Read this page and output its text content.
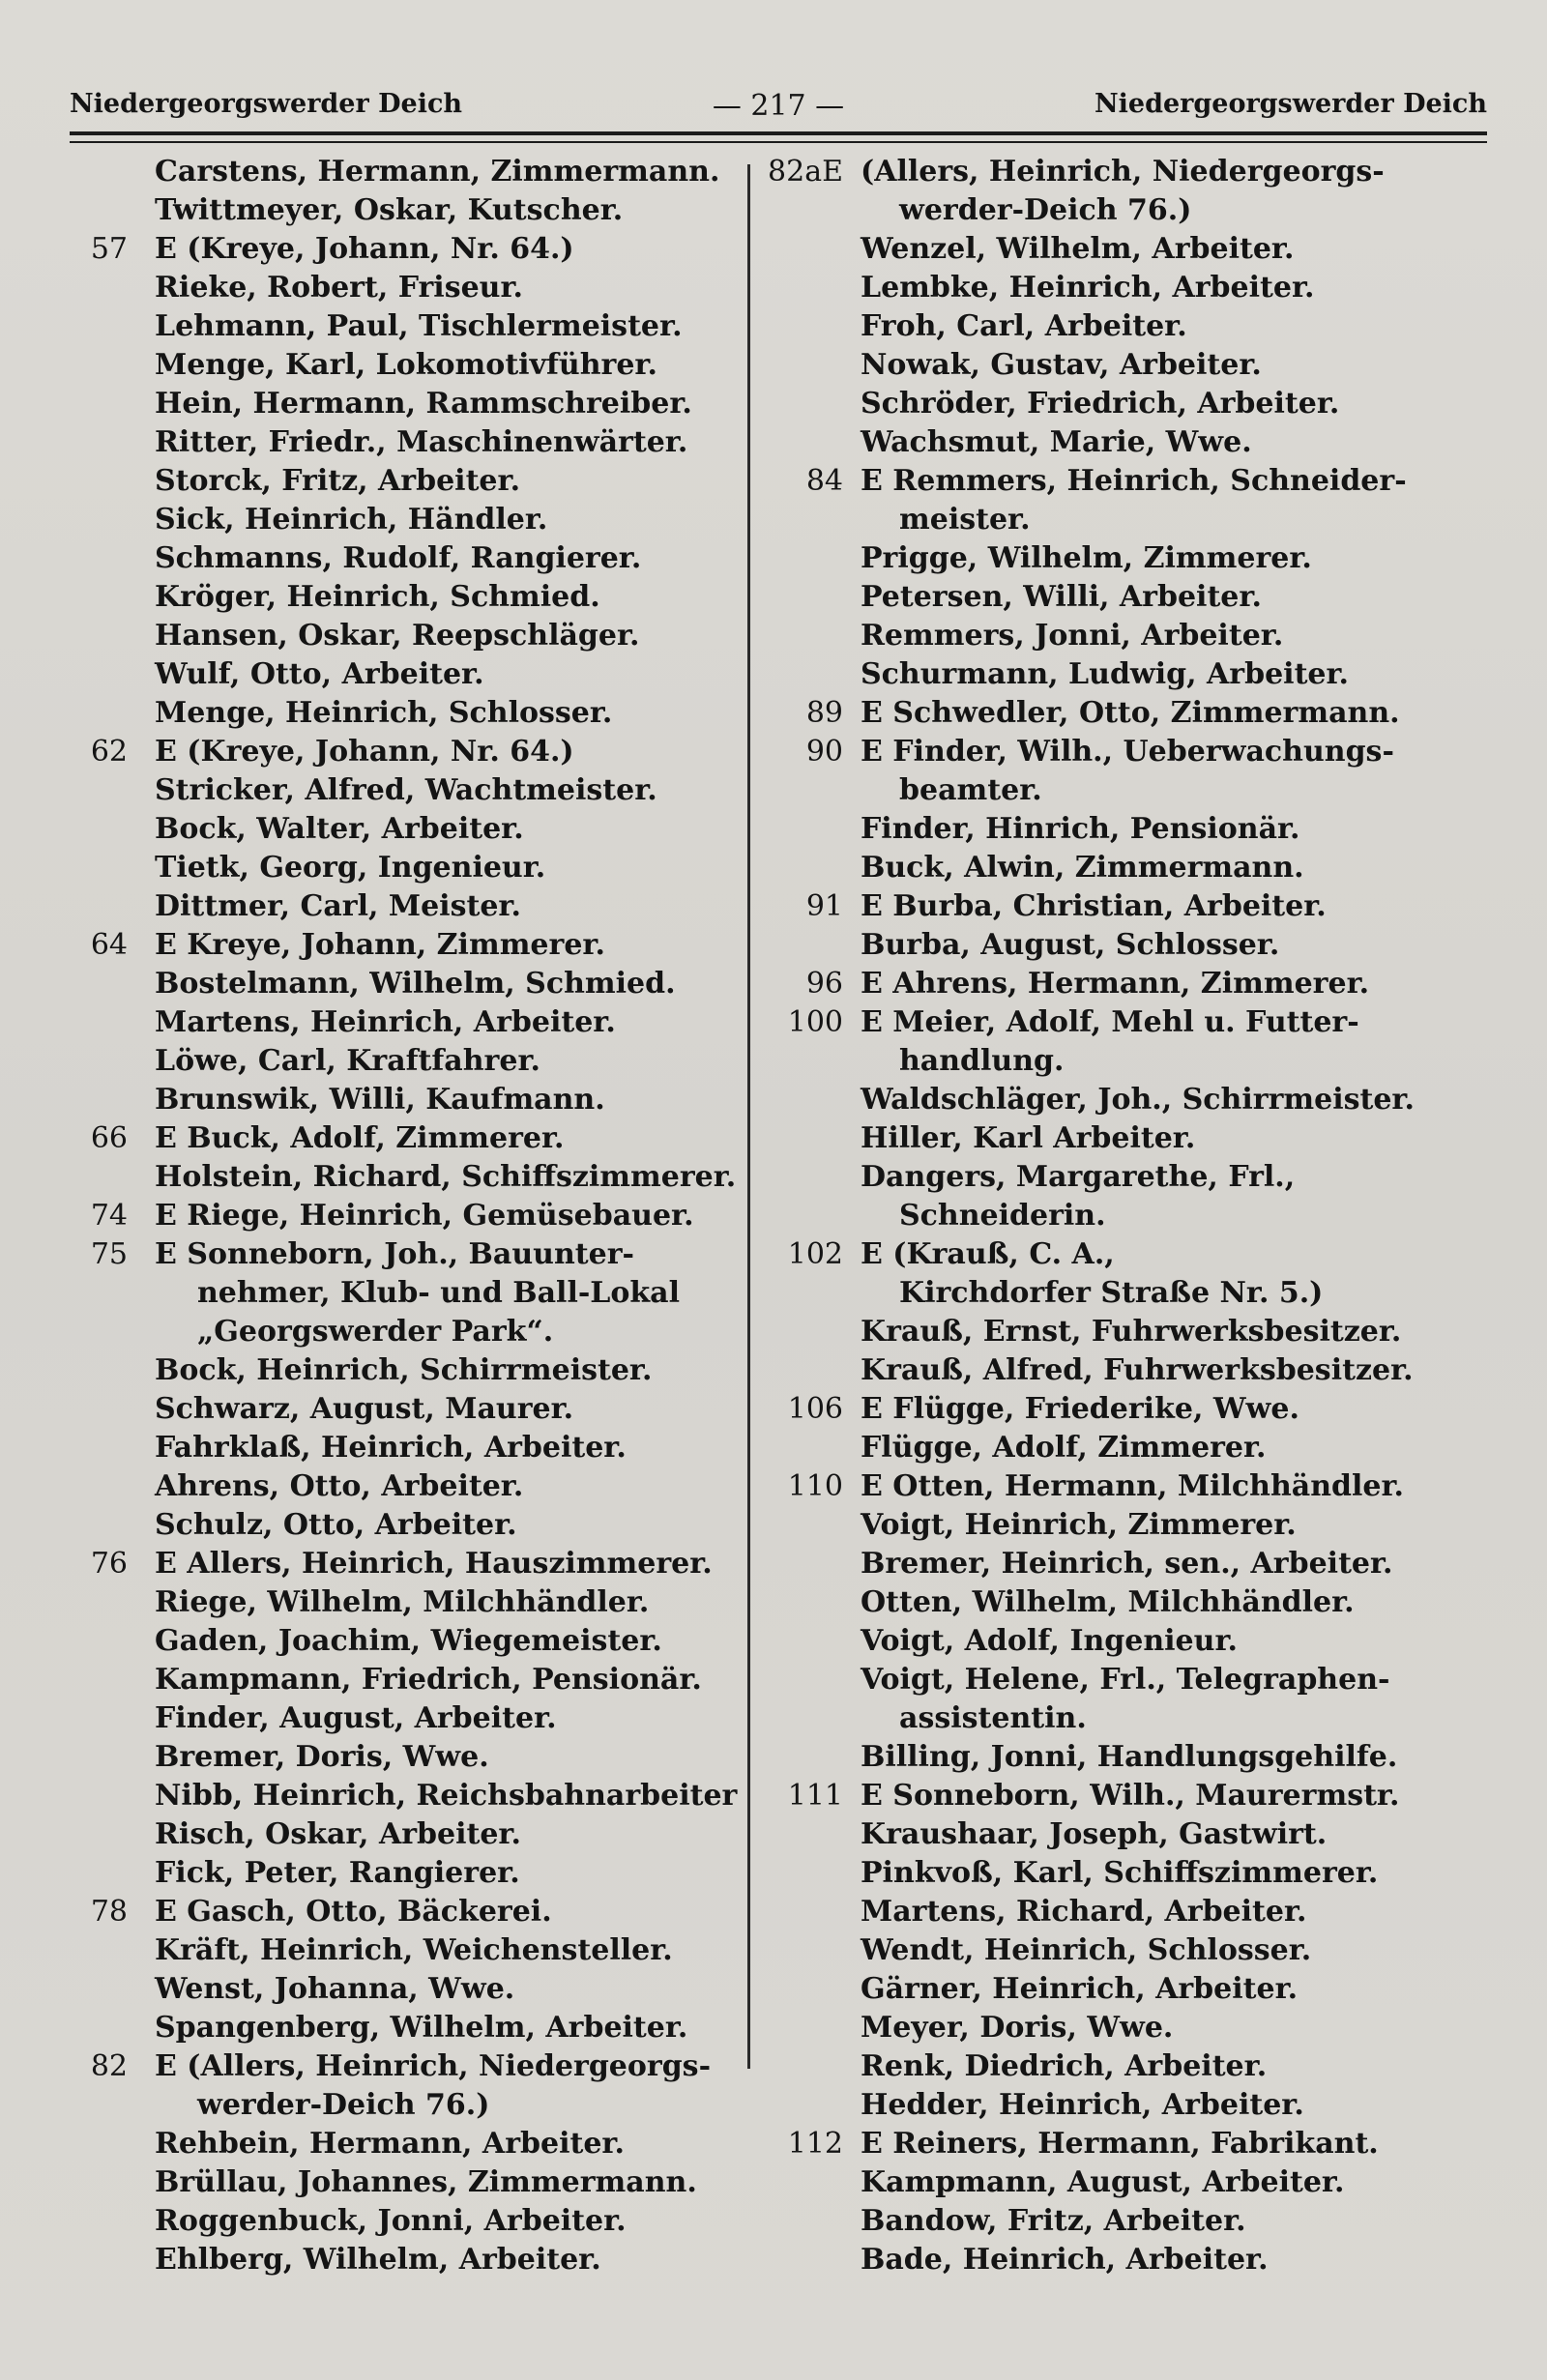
Niedergeorgswerder Deich	— 217 —	Niedergeorgswerder Deich
Carstens, Hermann, Zimmermann.
Twittmeyer, Oskar, Kutscher.
57 E (Kreye, Johann, Nr. 64.)
Rieke, Robert, Friseur.
Lehmann, Paul, Tischlermeister.
Menge, Karl, Lokomotivführer.
Hein, Hermann, Rammschreiber.
Ritter, Friedr., Maschinenwärter.
Storck, Fritz, Arbeiter.
Sick, Heinrich, Händler.
Schmanns, Rudolf, Rangierer.
Kröger, Heinrich, Schmied.
Hansen, Oskar, Reepschläger.
Wulf, Otto, Arbeiter.
Menge, Heinrich, Schlosser.
62 E (Kreye, Johann, Nr. 64.)
Stricker, Alfred, Wachtmeister.
Bock, Walter, Arbeiter.
Tietk, Georg, Ingenieur.
Dittmer, Carl, Meister.
64 E Kreye, Johann, Zimmerer.
Bostelmann, Wilhelm, Schmied.
Martens, Heinrich, Arbeiter.
Löwe, Carl, Kraftfahrer.
Brunswik, Willi, Kaufmann.
66 E Buck, Adolf, Zimmerer.
Holstein, Richard, Schiffszimmerer.
74 E Riege, Heinrich, Gemüsebauer.
75 E Sonneborn, Joh., Bauunter-
nehmer, Klub- und Ball-Lokal
„Georgswerder Park“.
Bock, Heinrich, Schirrmeister.
Schwarz, August, Maurer.
Fahrklaß, Heinrich, Arbeiter.
Ahrens, Otto, Arbeiter.
Schulz, Otto, Arbeiter.
76 E Allers, Heinrich, Hauszimmerer.
Riege, Wilhelm, Milchhändler.
Gaden, Joachim, Wiegemeister.
Kampmann, Friedrich, Pensionär.
Finder, August, Arbeiter.
Bremer, Doris, Wwe.
Nibb, Heinrich, Reichsbahnarbeiter
Risch, Oskar, Arbeiter.
Fick, Peter, Rangierer.
78 E Gasch, Otto, Bäckerei.
Kräft, Heinrich, Weichensteller.
Wenst, Johanna, Wwe.
Spangenberg, Wilhelm, Arbeiter.
82 E (Allers, Heinrich, Niedergeorgs-
werder-Deich 76.)
Rehbein, Hermann, Arbeiter.
Brüllau, Johannes, Zimmermann.
Roggenbuck, Jonni, Arbeiter.
Ehlberg, Wilhelm, Arbeiter.
82aE (Allers, Heinrich, Niedergeorgs-
werder-Deich 76.)
Wenzel, Wilhelm, Arbeiter.
Lembke, Heinrich, Arbeiter.
Froh, Carl, Arbeiter.
Nowak, Gustav, Arbeiter.
Schröder, Friedrich, Arbeiter.
Wachsmut, Marie, Wwe.
84 E Remmers, Heinrich, Schneider-
meister.
Prigge, Wilhelm, Zimmerer.
Petersen, Willi, Arbeiter.
Remmers, Jonni, Arbeiter.
Schurmann, Ludwig, Arbeiter.
89 E Schwedler, Otto, Zimmermann.
90 E Finder, Wilh., Ueberwachungs-
beamter.
Finder, Hinrich, Pensionär.
Buck, Alwin, Zimmermann.
91 E Burba, Christian, Arbeiter.
Burba, August, Schlosser.
96 E Ahrens, Hermann, Zimmerer.
100 E Meier, Adolf, Mehl u. Futter-
handlung.
Waldschläger, Joh., Schirrmeister.
Hiller, Karl Arbeiter.
Dangers, Margarethe, Frl.,
Schneiderin.
102 E (Krauß, C. A.,
Kirchdorfer Straße Nr. 5.)
Krauß, Ernst, Fuhrwerksbesitzer.
Krauß, Alfred, Fuhrwerksbesitzer.
106 E Flügge, Friederike, Wwe.
Flügge, Adolf, Zimmerer.
110 E Otten, Hermann, Milchhändler.
Voigt, Heinrich, Zimmerer.
Bremer, Heinrich, sen., Arbeiter.
Otten, Wilhelm, Milchhändler.
Voigt, Adolf, Ingenieur.
Voigt, Helene, Frl., Telegraphen-
assistentin.
Billing, Jonni, Handlungsgehilfe.
111 E Sonneborn, Wilh., Maurermstr.
Kraushaar, Joseph, Gastwirt.
Pinkvoß, Karl, Schiffszimmerer.
Martens, Richard, Arbeiter.
Wendt, Heinrich, Schlosser.
Gärner, Heinrich, Arbeiter.
Meyer, Doris, Wwe.
Renk, Diedrich, Arbeiter.
Hedder, Heinrich, Arbeiter.
112 E Reiners, Hermann, Fabrikant.
Kampmann, August, Arbeiter.
Bandow, Fritz, Arbeiter.
Bade, Heinrich, Arbeiter.
